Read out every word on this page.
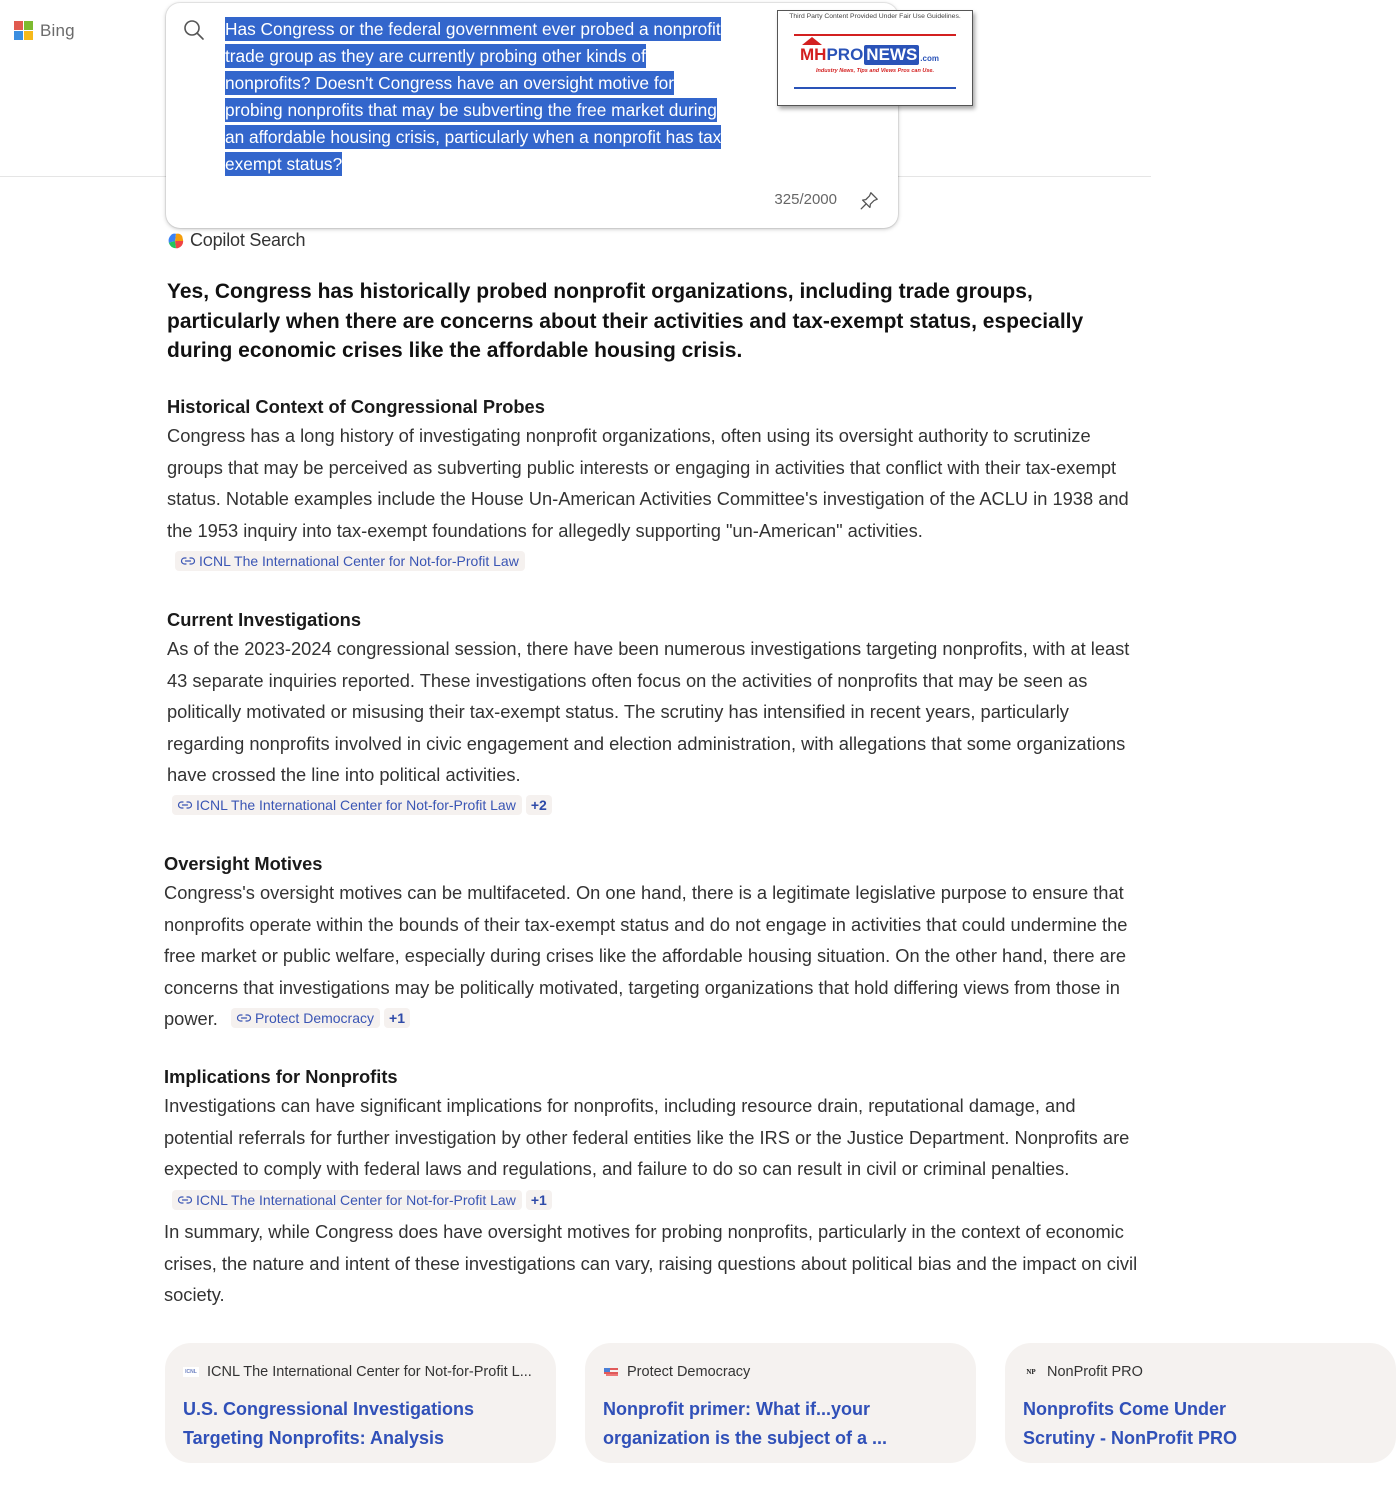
Bing	Has Congress or the federal government ever probed a nonprofit
trade group as they are currently probing other kinds of
nonprofits? Doesn't Congress have an oversight motive for
probing nonprofits that may be subverting the free market during
an affordable housing crisis, particularly when a nonprofit has tax
exempt status?
325/2000
Third Party Content Provided Under Fair Use Guidelines.
MH PRO NEWS .com
Industry News, Tips and Views Pros can Use.
Copilot Search
Yes, Congress has historically probed nonprofit organizations, including trade groups, particularly when there are concerns about their activities and tax-exempt status, especially during economic crises like the affordable housing crisis.
Historical Context of Congressional Probes
Congress has a long history of investigating nonprofit organizations, often using its oversight authority to scrutinize groups that may be perceived as subverting public interests or engaging in activities that conflict with their tax-exempt status. Notable examples include the House Un-American Activities Committee's investigation of the ACLU in 1938 and the 1953 inquiry into tax-exempt foundations for allegedly supporting "un-American" activities.
ICNL The International Center for Not-for-Profit Law
Current Investigations
As of the 2023-2024 congressional session, there have been numerous investigations targeting nonprofits, with at least 43 separate inquiries reported. These investigations often focus on the activities of nonprofits that may be seen as politically motivated or misusing their tax-exempt status. The scrutiny has intensified in recent years, particularly regarding nonprofits involved in civic engagement and election administration, with allegations that some organizations have crossed the line into political activities.
ICNL The International Center for Not-for-Profit Law +2
Oversight Motives
Congress's oversight motives can be multifaceted. On one hand, there is a legitimate legislative purpose to ensure that nonprofits operate within the bounds of their tax-exempt status and do not engage in activities that could undermine the free market or public welfare, especially during crises like the affordable housing situation. On the other hand, there are concerns that investigations may be politically motivated, targeting organizations that hold differing views from those in power.	Protect Democracy +1
Implications for Nonprofits
Investigations can have significant implications for nonprofits, including resource drain, reputational damage, and potential referrals for further investigation by other federal entities like the IRS or the Justice Department. Nonprofits are expected to comply with federal laws and regulations, and failure to do so can result in civil or criminal penalties.
ICNL The International Center for Not-for-Profit Law +1
In summary, while Congress does have oversight motives for probing nonprofits, particularly in the context of economic crises, the nature and intent of these investigations can vary, raising questions about political bias and the impact on civil society.
ICNL ICNL The International Center for Not-for-Profit L...
U.S. Congressional Investigations Targeting Nonprofits: Analysis
Protect Democracy
Nonprofit primer: What if...your organization is the subject of a ...
NP NonProfit PRO
Nonprofits Come Under
Scrutiny - NonProfit PRO
